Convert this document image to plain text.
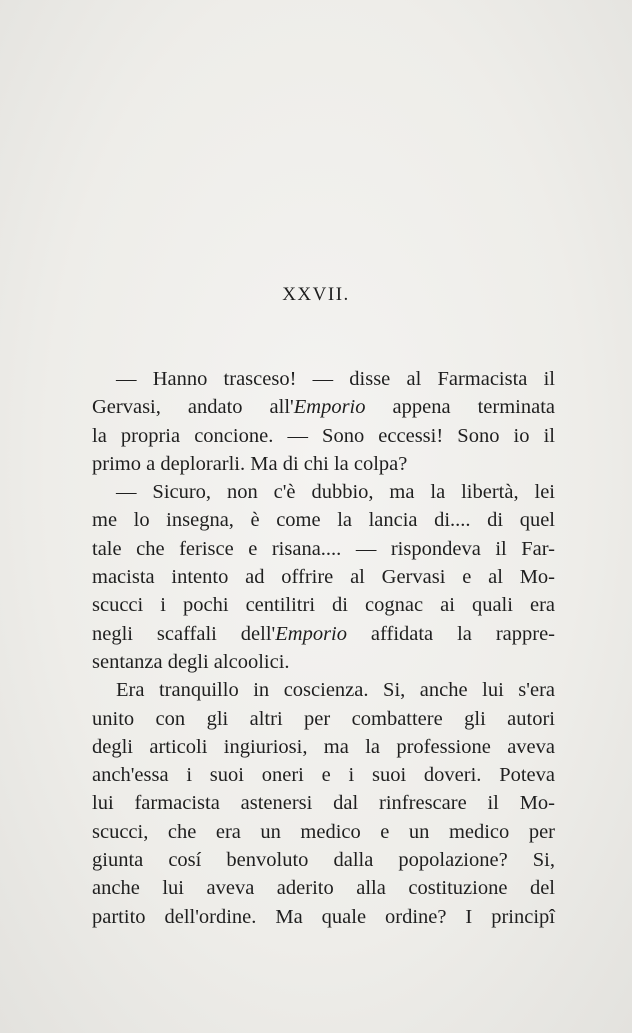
XXVII.
— Hanno trasceso! — disse al Farmacista il
Gervasi, andato all'Emporio appena terminata
la propria concione. — Sono eccessi! Sono io il
primo a deplorarli. Ma di chi la colpa?
— Sicuro, non c'è dubbio, ma la libertà, lei
me lo insegna, è come la lancia di.... di quel
tale che ferisce e risana.... — rispondeva il Far-
macista intento ad offrire al Gervasi e al Mo-
scucci i pochi centilitri di cognac ai quali era
negli scaffali dell'Emporio affidata la rappre-
sentanza degli alcoolici.
Era tranquillo in coscienza. Si, anche lui s'era
unito con gli altri per combattere gli autori
degli articoli ingiuriosi, ma la professione aveva
anch'essa i suoi oneri e i suoi doveri. Poteva
lui farmacista astenersi dal rinfrescare il Mo-
scucci, che era un medico e un medico per
giunta cosí benvoluto dalla popolazione? Si,
anche lui aveva aderito alla costituzione del
partito dell'ordine. Ma quale ordine? I principî
